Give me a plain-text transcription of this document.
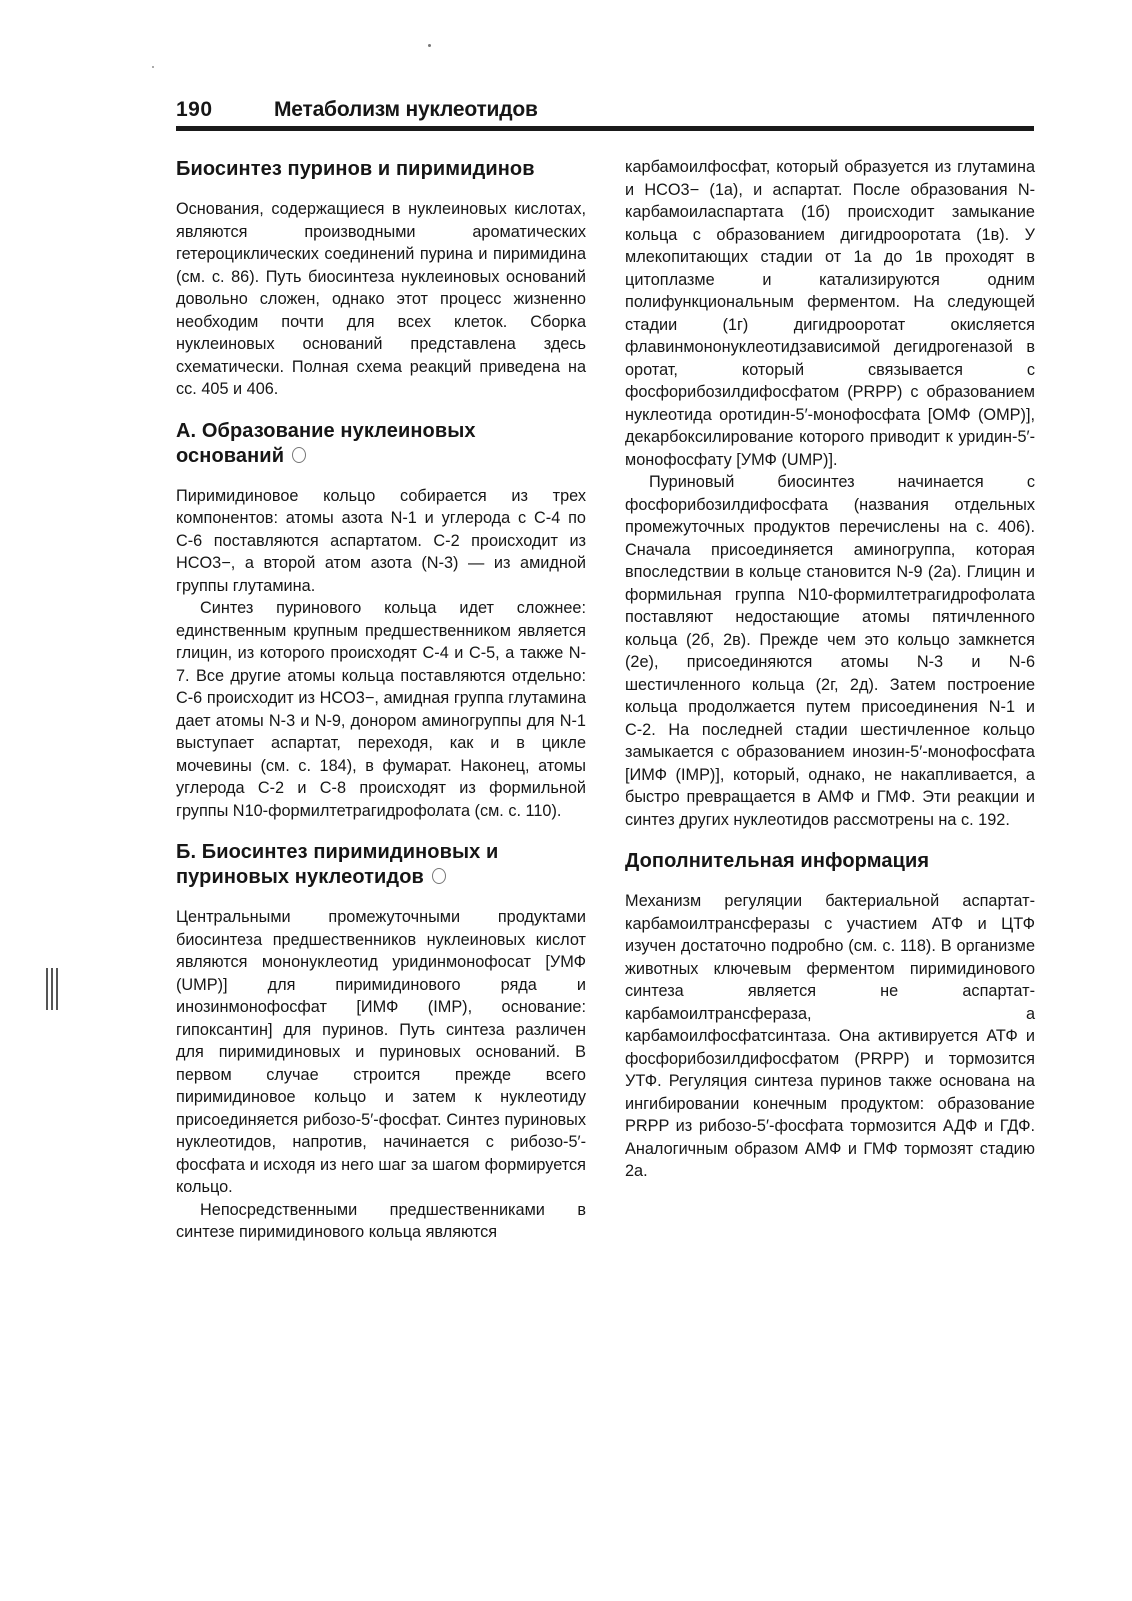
190	Метаболизм нуклеотидов
Биосинтез пуринов и пиримидинов

Основания, содержащиеся в нуклеиновых кислотах, являются производными ароматических гетероциклических соединений пурина и пиримидина (см. с. 86). Путь биосинтеза нуклеиновых оснований довольно сложен, однако этот процесс жизненно необходим почти для всех клеток. Сборка нуклеиновых оснований представлена здесь схематически. Полная схема реакций приведена на сс. 405 и 406.

А. Образование нуклеиновых оснований

Пиримидиновое кольцо собирается из трех компонентов: атомы азота N-1 и углерода с С-4 по С-6 поставляются аспартатом. С-2 происходит из HCO3−, а второй атом азота (N-3) — из амидной группы глутамина.

Синтез пуринового кольца идет сложнее: единственным крупным предшественником является глицин, из которого происходят С-4 и С-5, а также N-7. Все другие атомы кольца поставляются отдельно: С-6 происходит из HCO3−, амидная группа глутамина дает атомы N-3 и N-9, донором аминогруппы для N-1 выступает аспартат, переходя, как и в цикле мочевины (см. с. 184), в фумарат. Наконец, атомы углерода С-2 и С-8 происходят из формильной группы N10-формилтетрагидрофолата (см. с. 110).

Б. Биосинтез пиримидиновых и пуриновых нуклеотидов

Центральными промежуточными продуктами биосинтеза предшественников нуклеиновых кислот являются мононуклеотид уридинмонофосат [УМФ (UMP)] для пиримидинового ряда и инозинмонофосфат [ИМФ (IMP), основание: гипоксантин] для пуринов. Путь синтеза различен для пиримидиновых и пуриновых оснований. В первом случае строится прежде всего пиримидиновое кольцо и затем к нуклеотиду присоединяется рибозо-5′-фосфат. Синтез пуриновых нуклеотидов, напротив, начинается с рибозо-5′-фосфата и исходя из него шаг за шагом формируется кольцо.

Непосредственными предшественниками в синтезе пиримидинового кольца являются

карбамоилфосфат, который образуется из глутамина и HCO3− (1а), и аспартат. После образования N-карбамоиласпартата (1б) происходит замыкание кольца с образованием дигидрооротата (1в). У млекопитающих стадии от 1а до 1в проходят в цитоплазме и катализируются одним полифункциональным ферментом. На следующей стадии (1г) дигидрооротат окисляется флавинмононуклеотидзависимой дегидрогеназой в оротат, который связывается с фосфорибозилдифосфатом (PRPP) с образованием нуклеотида оротидин-5′-монофосфата [ОМФ (OMP)], декарбоксилирование которого приводит к уридин-5′-монофосфату [УМФ (UMP)].

Пуриновый биосинтез начинается с фосфорибозилдифосфата (названия отдельных промежуточных продуктов перечислены на с. 406). Сначала присоединяется аминогруппа, которая впоследствии в кольце становится N-9 (2а). Глицин и формильная группа N10-формилтетрагидрофолата поставляют недостающие атомы пятичленного кольца (2б, 2в). Прежде чем это кольцо замкнется (2е), присоединяются атомы N-3 и N-6 шестичленного кольца (2г, 2д). Затем построение кольца продолжается путем присоединения N-1 и С-2. На последней стадии шестичленное кольцо замыкается с образованием инозин-5′-монофосфата [ИМФ (IMP)], который, однако, не накапливается, а быстро превращается в АМФ и ГМФ. Эти реакции и синтез других нуклеотидов рассмотрены на с. 192.

Дополнительная информация

Механизм регуляции бактериальной аспартат-карбамоилтрансферазы с участием АТФ и ЦТФ изучен достаточно подробно (см. с. 118). В организме животных ключевым ферментом пиримидинового синтеза является не аспартат-карбамоилтрансфераза, а карбамоилфосфатсинтаза. Она активируется АТФ и фосфорибозилдифосфатом (PRPP) и тормозится УТФ. Регуляция синтеза пуринов также основана на ингибировании конечным продуктом: образование PRPP из рибозо-5′-фосфата тормозится АДФ и ГДФ. Аналогичным образом АМФ и ГМФ тормозят стадию 2а.
